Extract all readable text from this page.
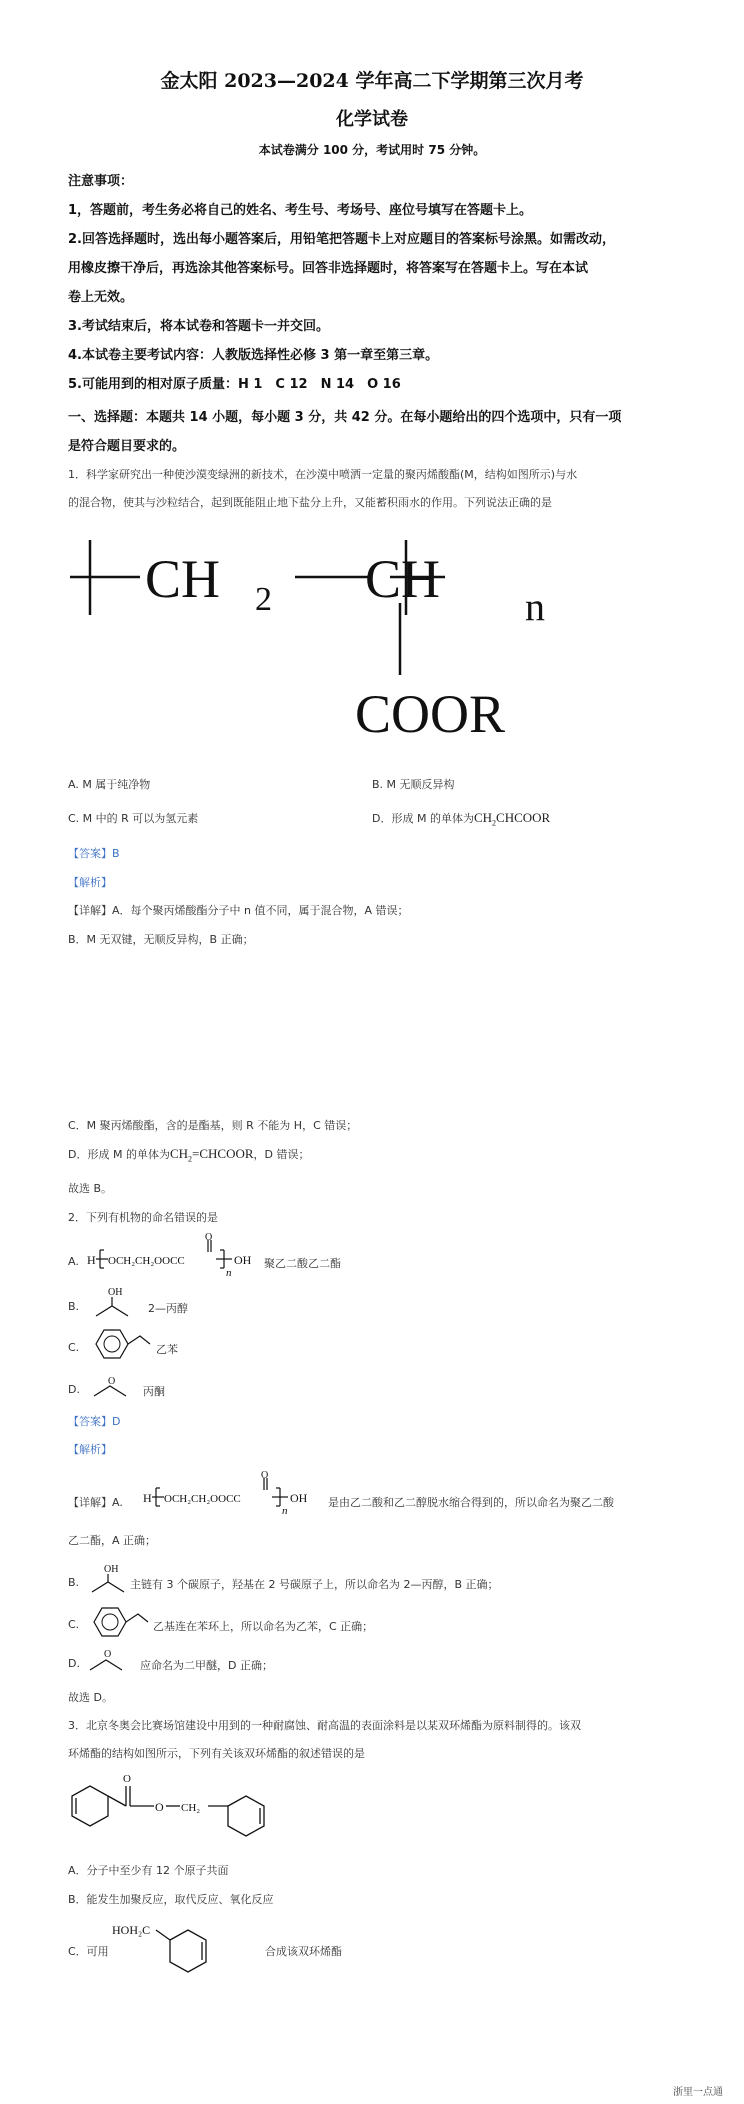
金太阳 2023—2024 学年高二下学期第三次月考
化学试卷
本试卷满分 100 分，考试用时 75 分钟。
注意事项：
1，答题前，考生务必将自己的姓名、考生号、考场号、座位号填写在答题卡上。
2.回答选择题时，选出每小题答案后，用铅笔把答题卡上对应题目的答案标号涂黑。如需改动，
用橡皮擦干净后，再选涂其他答案标号。回答非选择题时，将答案写在答题卡上。写在本试
卷上无效。
3.考试结束后，将本试卷和答题卡一并交回。
4.本试卷主要考试内容：人教版选择性必修 3 第一章至第三章。
5.可能用到的相对原子质量：H 1　C 12　N 14　O 16
一、选择题：本题共 14 小题，每小题 3 分，共 42 分。在每小题给出的四个选项中，只有一项
是符合题目要求的。
1．科学家研究出一种使沙漠变绿洲的新技术，在沙漠中喷洒一定量的聚丙烯酸酯(M，结构如图所示)与水
的混合物，使其与沙粒结合，起到既能阻止地下盐分上升，又能蓄积雨水的作用。下列说法正确的是
CH 2 CH n
COOR
A. M 属于纯净物	B. M 无顺反异构
C. M 中的 R 可以为氢元素	D．形成 M 的单体为$CH_2CHCOOR$
【答案】B
【解析】
【详解】A．每个聚丙烯酸酯分子中 n 值不同，属于混合物，A 错误；
B．M 无双键，无顺反异构，B 正确；
C．M 聚丙烯酸酯，含的是酯基，则 R 不能为 H，C 错误；
D．形成 M 的单体为$CH_2=CHCOOR$，D 错误；
故选 B。
2．下列有机物的命名错误的是
A. H
O
OCH₂CH₂OOCC
n
OH 聚乙二酸乙二酯
B.
OH
2—丙醇
C.	乙苯
D.
O
丙酮
【答案】D
【解析】
【详解】A. H
O
OCH₂CH₂OOCC
n
OH 是由乙二酸和乙二醇脱水缩合得到的，所以命名为聚乙二酸
乙二酯，A 正确；
B.
OH
主链有 3 个碳原子，羟基在 2 号碳原子上，所以命名为 2—丙醇，B 正确；
C.	乙基连在苯环上，所以命名为乙苯，C 正确；
D.
O
应命名为二甲醚，D 正确；
故选 D。
3．北京冬奥会比赛场馆建设中用到的一种耐腐蚀、耐高温的表面涂料是以某双环烯酯为原料制得的。该双
环烯酯的结构如图所示，下列有关该双环烯酯的叙述错误的是
O
O CH₂
A．分子中至少有 12 个原子共面
B．能发生加聚反应，取代反应、氧化反应
C．可用
HOH₂C
合成该双环烯酯
浙里一点通
